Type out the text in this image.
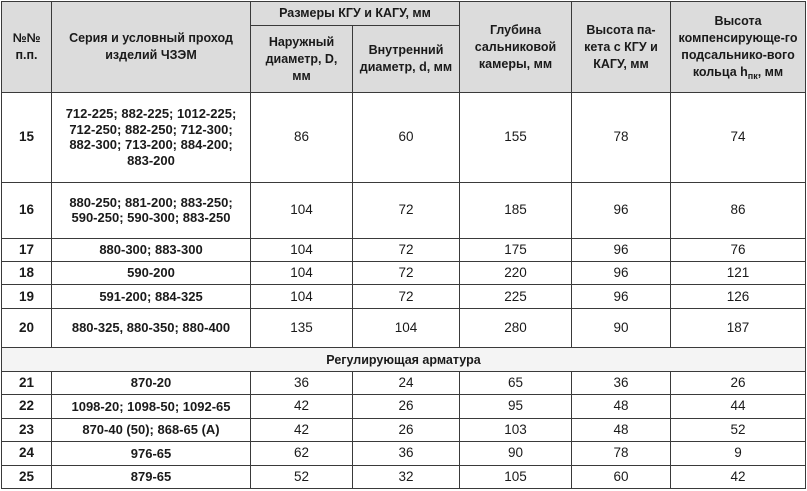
№№ п.п.	Серия и условный проход изделий ЧЗЭМ	Размеры КГУ и КАГУ, мм		Глубина сальниковой камеры, мм	Высота па-кета с КГУ и КАГУ, мм	Высота компенсирующе-го подсальнико-вого кольца $h_{пк}$, мм
		Наружный диаметр, D, мм	Внутренний диаметр, d, мм			
15	712-225; 882-225; 1012-225; 712-250; 882-250; 712-300; 882-300; 713-200; 884-200; 883-200	86	60	155	78	74
16	880-250; 881-200; 883-250; 590-250; 590-300; 883-250	104	72	185	96	86
17	880-300; 883-300	104	72	175	96	76
18	590-200	104	72	220	96	121
19	591-200; 884-325	104	72	225	96	126
20	880-325, 880-350; 880-400	135	104	280	90	187
Регулирующая арматура						
21	870-20	36	24	65	36	26
22	1098-20; 1098-50; 1092-65	42	26	95	48	44
23	870-40 (50); 868-65 (А)	42	26	103	48	52
24	976-65	62	36	90	78	9
25	879-65	52	32	105	60	42
